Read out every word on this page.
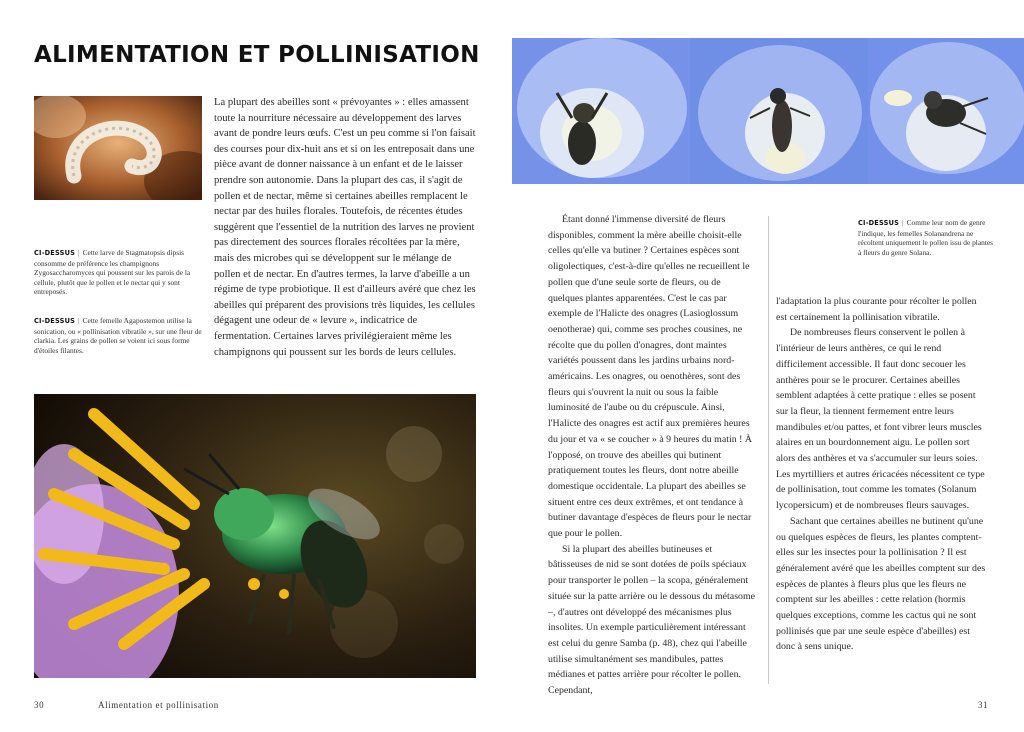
ALIMENTATION ET POLLINISATION
CI-DESSUS | Cette larve de Stagmatopsis dipsis consomme de préférence les champignons Zygosaccharomyces qui poussent sur les parois de la cellule, plutôt que le pollen et le nectar qui y sont entreposés.
CI-DESSUS | Cette femelle Agapostemon utilise la sonication, ou « pollinisation vibratile », sur une fleur de clarkia. Les grains de pollen se voient ici sous forme d'étoiles filantes.

La plupart des abeilles sont « prévoyantes » : elles amassent toute la nourriture nécessaire au développement des larves avant de pondre leurs œufs. C'est un peu comme si l'on faisait des courses pour dix-huit ans et si on les entreposait dans une pièce avant de donner naissance à un enfant et de le laisser prendre son autonomie. Dans la plupart des cas, il s'agit de pollen et de nectar, même si certaines abeilles remplacent le nectar par des huiles florales. Toutefois, de récentes études suggèrent que l'essentiel de la nutrition des larves ne provient pas directement des sources florales récoltées par la mère, mais des microbes qui se développent sur le mélange de pollen et de nectar. En d'autres termes, la larve d'abeille a un régime de type probiotique. Il est d'ailleurs avéré que chez les abeilles qui préparent des provisions très liquides, les cellules dégagent une odeur de « levure », indicatrice de fermentation. Certaines larves privilégieraient même les champignons qui poussent sur les bords de leurs cellules.

30	Alimentation et pollinisation
CI-DESSUS | Comme leur nom de genre l'indique, les femelles Solanandrena ne récoltent uniquement le pollen issu de plantes à fleurs du genre Solana.

Étant donné l'immense diversité de fleurs disponibles, comment la mère abeille choisit-elle celles qu'elle va butiner ? Certaines espèces sont oligolectiques, c'est-à-dire qu'elles ne recueillent le pollen que d'une seule sorte de fleurs, ou de quelques plantes apparentées. C'est le cas par exemple de l'Halicte des onagres (Lasioglossum oenotherae) qui, comme ses proches cousines, ne récolte que du pollen d'onagres, dont maintes variétés poussent dans les jardins urbains nord-américains. Les onagres, ou oenothères, sont des fleurs qui s'ouvrent la nuit ou sous la faible luminosité de l'aube ou du crépuscule. Ainsi, l'Halicte des onagres est actif aux premières heures du jour et va « se coucher » à 9 heures du matin ! À l'opposé, on trouve des abeilles qui butinent pratiquement toutes les fleurs, dont notre abeille domestique occidentale. La plupart des abeilles se situent entre ces deux extrêmes, et ont tendance à butiner davantage d'espèces de fleurs pour le nectar que pour le pollen.

Si la plupart des abeilles butineuses et bâtisseuses de nid se sont dotées de poils spéciaux pour transporter le pollen – la scopa, généralement située sur la patte arrière ou le dessous du métasome –, d'autres ont développé des mécanismes plus insolites. Un exemple particulièrement intéressant est celui du genre Samba (p. 48), chez qui l'abeille utilise simultanément ses mandibules, pattes médianes et pattes arrière pour récolter le pollen. Cependant,

l'adaptation la plus courante pour récolter le pollen est certainement la pollinisation vibratile.

De nombreuses fleurs conservent le pollen à l'intérieur de leurs anthères, ce qui le rend difficilement accessible. Il faut donc secouer les anthères pour se le procurer. Certaines abeilles semblent adaptées à cette pratique : elles se posent sur la fleur, la tiennent fermement entre leurs mandibules et/ou pattes, et font vibrer leurs muscles alaires en un bourdonnement aigu. Le pollen sort alors des anthères et va s'accumuler sur leurs soies. Les myrtilliers et autres éricacées nécessitent ce type de pollinisation, tout comme les tomates (Solanum lycopersicum) et de nombreuses fleurs sauvages.

Sachant que certaines abeilles ne butinent qu'une ou quelques espèces de fleurs, les plantes comptent-elles sur les insectes pour la pollinisation ? Il est généralement avéré que les abeilles comptent sur des espèces de plantes à fleurs plus que les fleurs ne comptent sur les abeilles : cette relation (hormis quelques exceptions, comme les cactus qui ne sont pollinisés que par une seule espèce d'abeilles) est donc à sens unique.

31
